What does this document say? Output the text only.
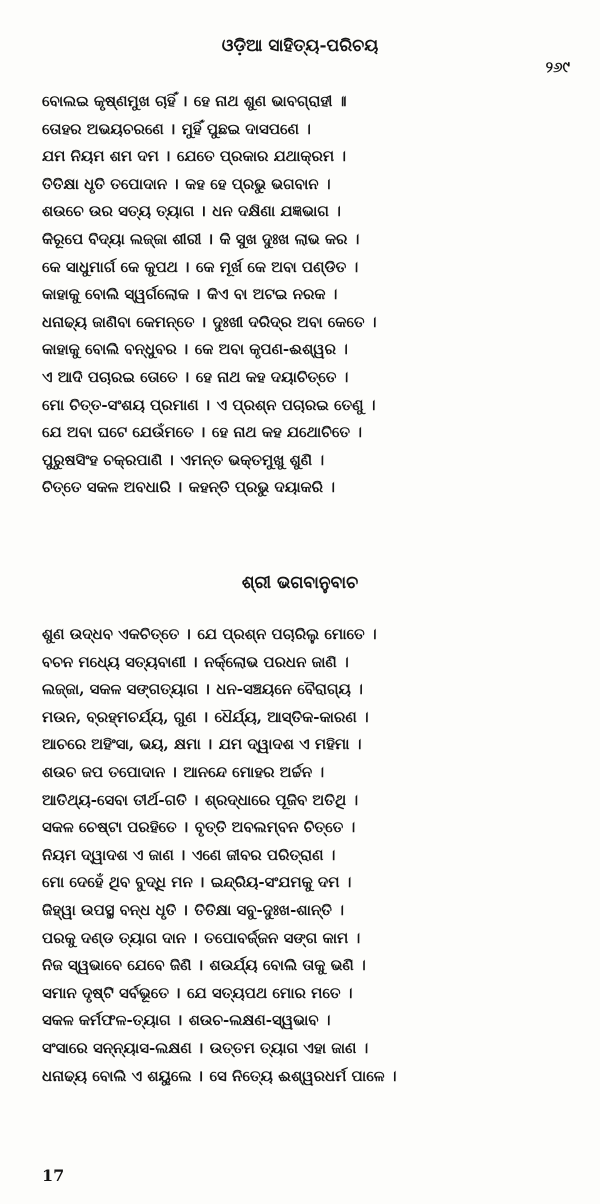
ଓଡ଼ିଆ ସାହିତ୍ୟ-ପରିଚୟ
୨୬୯
ବୋଲଇ କୃଷ୍ଣମୁଖ ଚାହିଁ । ହେ ନାଥ ଶୁଣ ଭାବଗ୍ରାହୀ ॥
ତୋହର ଅଭୟଚରଣେ । ମୁହିଁ ପୁଛଇ ଦାସପଣେ ।
ଯମ ନିୟମ ଶମ ଦମ । ଯେତେ ପ୍ରକାର ଯଥାକ୍ରମ ।
ତିତିକ୍ଷା ଧୃତି ତପୋଦାନ । କହ ହେ ପ୍ରଭୁ ଭଗବାନ ।
ଶଉଚେ ଉର ସତ୍ୟ ତ୍ୟାଗ । ଧନ ଦକ୍ଷିଣା ଯଜ୍ଞଭାଗ ।
କିରୂପେ ବିଦ୍ୟା ଲଜ୍ଜା ଶୀରୀ । କି ସୁଖ ଦୁଃଖ ଲାଭ କର ।
କେ ସାଧୁମାର୍ଗ କେ କୁପଥ । କେ ମୂର୍ଖ କେ ଅବା ପଣ୍ଡିତ ।
କାହାକୁ ବୋଲି ସ୍ୱର୍ଗଲୋକ । କିଏ ବା ଅଟଇ ନରକ ।
ଧନାଢ୍ୟ ଜାଣିବା କେମନ୍ତେ । ଦୁଃଖୀ ଦରିଦ୍ର ଅବା କେତେ ।
କାହାକୁ ବୋଲି ବନ୍ଧୁବର । କେ ଅବା କୃପଣ-ଈଶ୍ୱର ।
ଏ ଆଦି ପଚାରଇ ତୋତେ । ହେ ନାଥ କହ ଦୟାଚିତ୍ତେ ।
ମୋ ଚିତ୍ତ-ସଂଶୟ ପ୍ରମାଣ । ଏ ପ୍ରଶ୍ନ ପଚାରଇ ତେଣୁ ।
ଯେ ଅବା ଘଟେ ଯେଉଁମତେ । ହେ ନାଥ କହ ଯଥୋଚିତେ ।
ପୁରୁଷସିଂହ ଚକ୍ରପାଣି । ଏମନ୍ତ ଭକ୍ତମୁଖୁ ଶୁଣି ।
ଚିତ୍ତେ ସକଳ ଅବଧାରି । କହନ୍ତି ପ୍ରଭୁ ଦୟାକରି ।
ଶ୍ରୀ ଭଗବାନୁବାଚ
ଶୁଣ ଉଦ୍ଧବ ଏକଚିତ୍ତେ । ଯେ ପ୍ରଶ୍ନ ପଚାରିଲୁ ମୋତେ ।
ବଚନ ମଧ୍ୟେ ସତ୍ୟବାଣୀ । ନର୍କ୍ଲୋଭ ପରଧନ ଜାଣି ।
ଲଜ୍ଜା, ସକଳ ସଙ୍ଗତ୍ୟାଗ । ଧନ-ସଞ୍ଚୟନେ ବୈରାଗ୍ୟ ।
ମଉନ, ବ୍ରହ୍ମଚର୍ଯ୍ୟ, ଗୁଣ । ଧୈର୍ଯ୍ୟ, ଆସ୍ତିକ-କାରଣ ।
ଆଚରେ ଅହିଂସା, ଭୟ, କ୍ଷମା । ଯମ ଦ୍ୱାଦଶ ଏ ମହିମା ।
ଶଉଚ ଜପ ତପୋଦାନ । ଆନନ୍ଦେ ମୋହର ଅର୍ଚ୍ଚନ ।
ଆତିଥ୍ୟ-ସେବା ତୀର୍ଥ-ଗତି । ଶ୍ରଦ୍ଧାରେ ପୂଜିବ ଅତିଥି ।
ସକଳ ଚେଷ୍ଟା ପରହିତେ । ବୃତ୍ତି ଅବଲମ୍ବନ ଚିତ୍ତେ ।
ନିୟମ ଦ୍ୱାଦଶ ଏ ଜାଣ । ଏଣେ ଜୀବର ପରିତ୍ରାଣ ।
ମୋ ଦେହେଁ ଥିବ ବୁଦ୍ଧି ମନ । ଇନ୍ଦ୍ରିୟ-ସଂଯମକୁ ଦମ ।
ଜିହ୍ୱା ଉପସ୍ଥ ବନ୍ଧ ଧୃତି । ତିତିକ୍ଷା ସବୁ-ଦୁଃଖ-ଶାନ୍ତି ।
ପରକୁ ଦଣ୍ଡ ତ୍ୟାଗ ଦାନ । ତପୋବର୍ଜ୍ଜନ ସଙ୍ଗ କାମ ।
ନିଜ ସ୍ୱଭାବେ ଯେବେ ଜିଣି । ଶଉର୍ଯ୍ୟ ବୋଲି ତାକୁ ଭଣି ।
ସମାନ ଦୃଷ୍ଟି ସର୍ବଭୂତେ । ଯେ ସତ୍ୟପଥ ମୋର ମତେ ।
ସକଳ କର୍ମଫଳ-ତ୍ୟାଗ । ଶଉଚ-ଲକ୍ଷଣ-ସ୍ୱଭାବ ।
ସଂସାରେ ସନ୍ନ୍ୟାସ-ଲକ୍ଷଣ । ଉତ୍ତମ ତ୍ୟାଗ ଏହା ଜାଣ ।
ଧନାଢ୍ୟ ବୋଲି ଏ ଶୟୁଲେ । ସେ ନିତ୍ୟେ ଈଶ୍ୱରଧର୍ମ ପାଳେ ।
17
